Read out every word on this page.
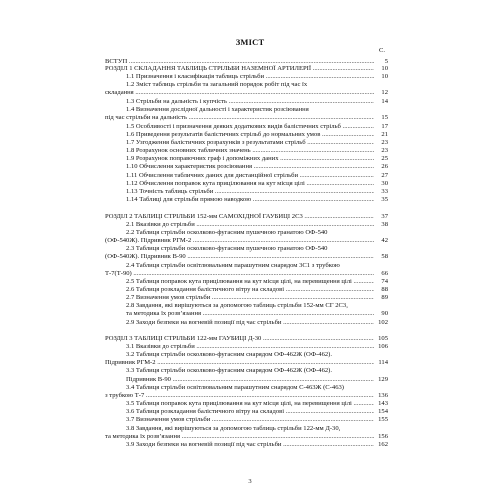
ЗМІСТ
С.
ВСТУП .....	5
РОЗДІЛ 1 СКЛАДАННЯ ТАБЛИЦЬ СТРІЛЬБИ НАЗЕМНОЇ АРТИЛЕРІЇ .....	10
1.1 Призначення і класифікація таблиць стрільби .....	10
1.2 Зміст таблиць стрільби та загальний порядок робіт під час їх
складання .....	12
1.3 Стрільби на дальність і купчість .....	14
1.4 Визначення дослідної дальності і характеристик розсіювання
під час стрільби на дальність .....	15
1.5 Особливості і призначення деяких додаткових видів балістичних стрільб .....	17
1.6 Приведення результатів балістичних стрільб до нормальних умов .....	21
1.7 Узгодження балістичних розрахунків з результатами стрільб .....	23
1.8 Розрахунок основних табличних значень .....	23
1.9 Розрахунок поправочних граф і допоміжних даних .....	25
1.10 Обчислення характеристик розсіювання .....	26
1.11 Обчислення табличних даних для дистанційної стрільби .....	27
1.12 Обчислення поправок кута прицілювання на кут місця цілі .....	30
1.13 Точність таблиць стрільби .....	33
1.14 Таблиці для стрільби прямою наводкою .....	35
РОЗДІЛ 2 ТАБЛИЦІ СТРІЛЬБИ 152-мм САМОХІДНОЇ ГАУБИЦІ 2С3 .....	37
2.1 Вказівки до стрільби .....	38
2.2 Таблиця стрільби осколково-фугасним пушечною гранатою ОФ-540
(ОФ-540Ж). Підривник РГМ-2 .....	42
2.3 Таблиця стрільби осколково-фугасним пушечною гранатою ОФ-540
(ОФ-540Ж). Підривник В-90 .....	58
2.4 Таблиця стрільби освітлювальним парашутним снарядом 3С1 з трубкою
Т-7(Т-90) .....	66
2.5 Таблиця поправок кута прицілювання на кут місця цілі, на перевищення цілі .....	74
2.6 Таблиця розкладання балістичного вітру на складові .....	88
2.7 Визначення умов стрільби .....	89
2.8 Завдання, які вирішуються за допомогою таблиць стрільби 152-мм СГ 2С3,
та методика їх розв’язання .....	90
2.9 Заходи безпеки на вогневій позиції під час стрільби .....	102
РОЗДІЛ 3 ТАБЛИЦІ СТРІЛЬБИ 122-мм ГАУБИЦІ Д-30 .....	105
3.1 Вказівки до стрільби .....	106
3.2 Таблиця стрільби осколково-фугасним снарядом ОФ-462Ж (ОФ-462).
Підривник РГМ-2 .....	114
3.3 Таблиця стрільби осколково-фугасним снарядом ОФ-462Ж (ОФ-462).
Підривник В-90 .....	129
3.4 Таблиця стрільби освітлювальним парашутним снарядом С-463Ж (С-463)
з трубкою Т-7 .....	136
3.5 Таблиця поправок кута прицілювання на кут місця цілі, на перевищення цілі .....	143
3.6 Таблиця розкладання балістичного вітру на складові .....	154
3.7 Визначення умов стрільби .....	155
3.8 Завдання, які вирішуються за допомогою таблиць стрільби 122-мм Д-30,
та методика їх розв’язання .....	156
3.9 Заходи безпеки на вогневій позиції під час стрільби .....	162
3
